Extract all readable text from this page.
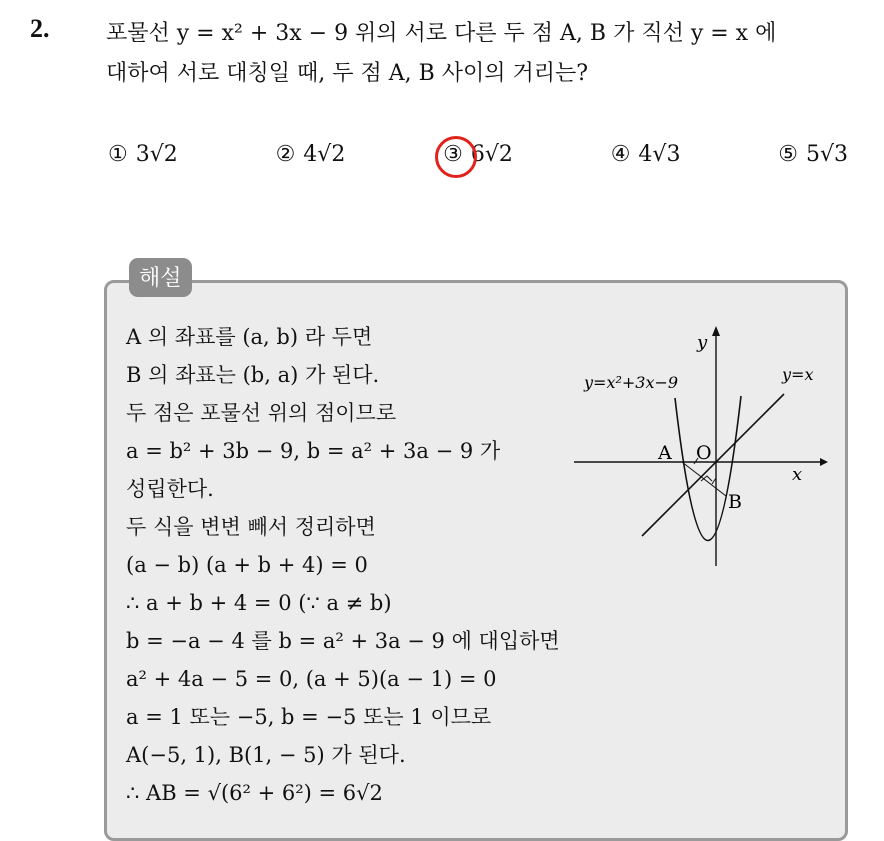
2.	포물선 y = x² + 3x − 9 위의 서로 다른 두 점 A, B 가 직선 y = x 에
대하여 서로 대칭일 때, 두 점 A, B 사이의 거리는?
① 3√2	② 4√2	③ 6√2	④ 4√3	⑤ 5√3
해설
A 의 좌표를 (a, b) 라 두면
B 의 좌표는 (b, a) 가 된다.
두 점은 포물선 위의 점이므로
a = b² + 3b − 9, b = a² + 3a − 9 가
성립한다.
두 식을 변변 빼서 정리하면
(a − b) (a + b + 4) = 0
∴ a + b + 4 = 0 (∵ a ≠ b)
b = −a − 4 를 b = a² + 3a − 9 에 대입하면
a² + 4a − 5 = 0, (a + 5)(a − 1) = 0
a = 1 또는 −5, b = −5 또는 1 이므로
A(−5, 1), B(1, − 5) 가 된다.
∴ AB = √(6² + 6²) = 6√2
y
x
y=x²+3x−9	y=x
O
A
B
